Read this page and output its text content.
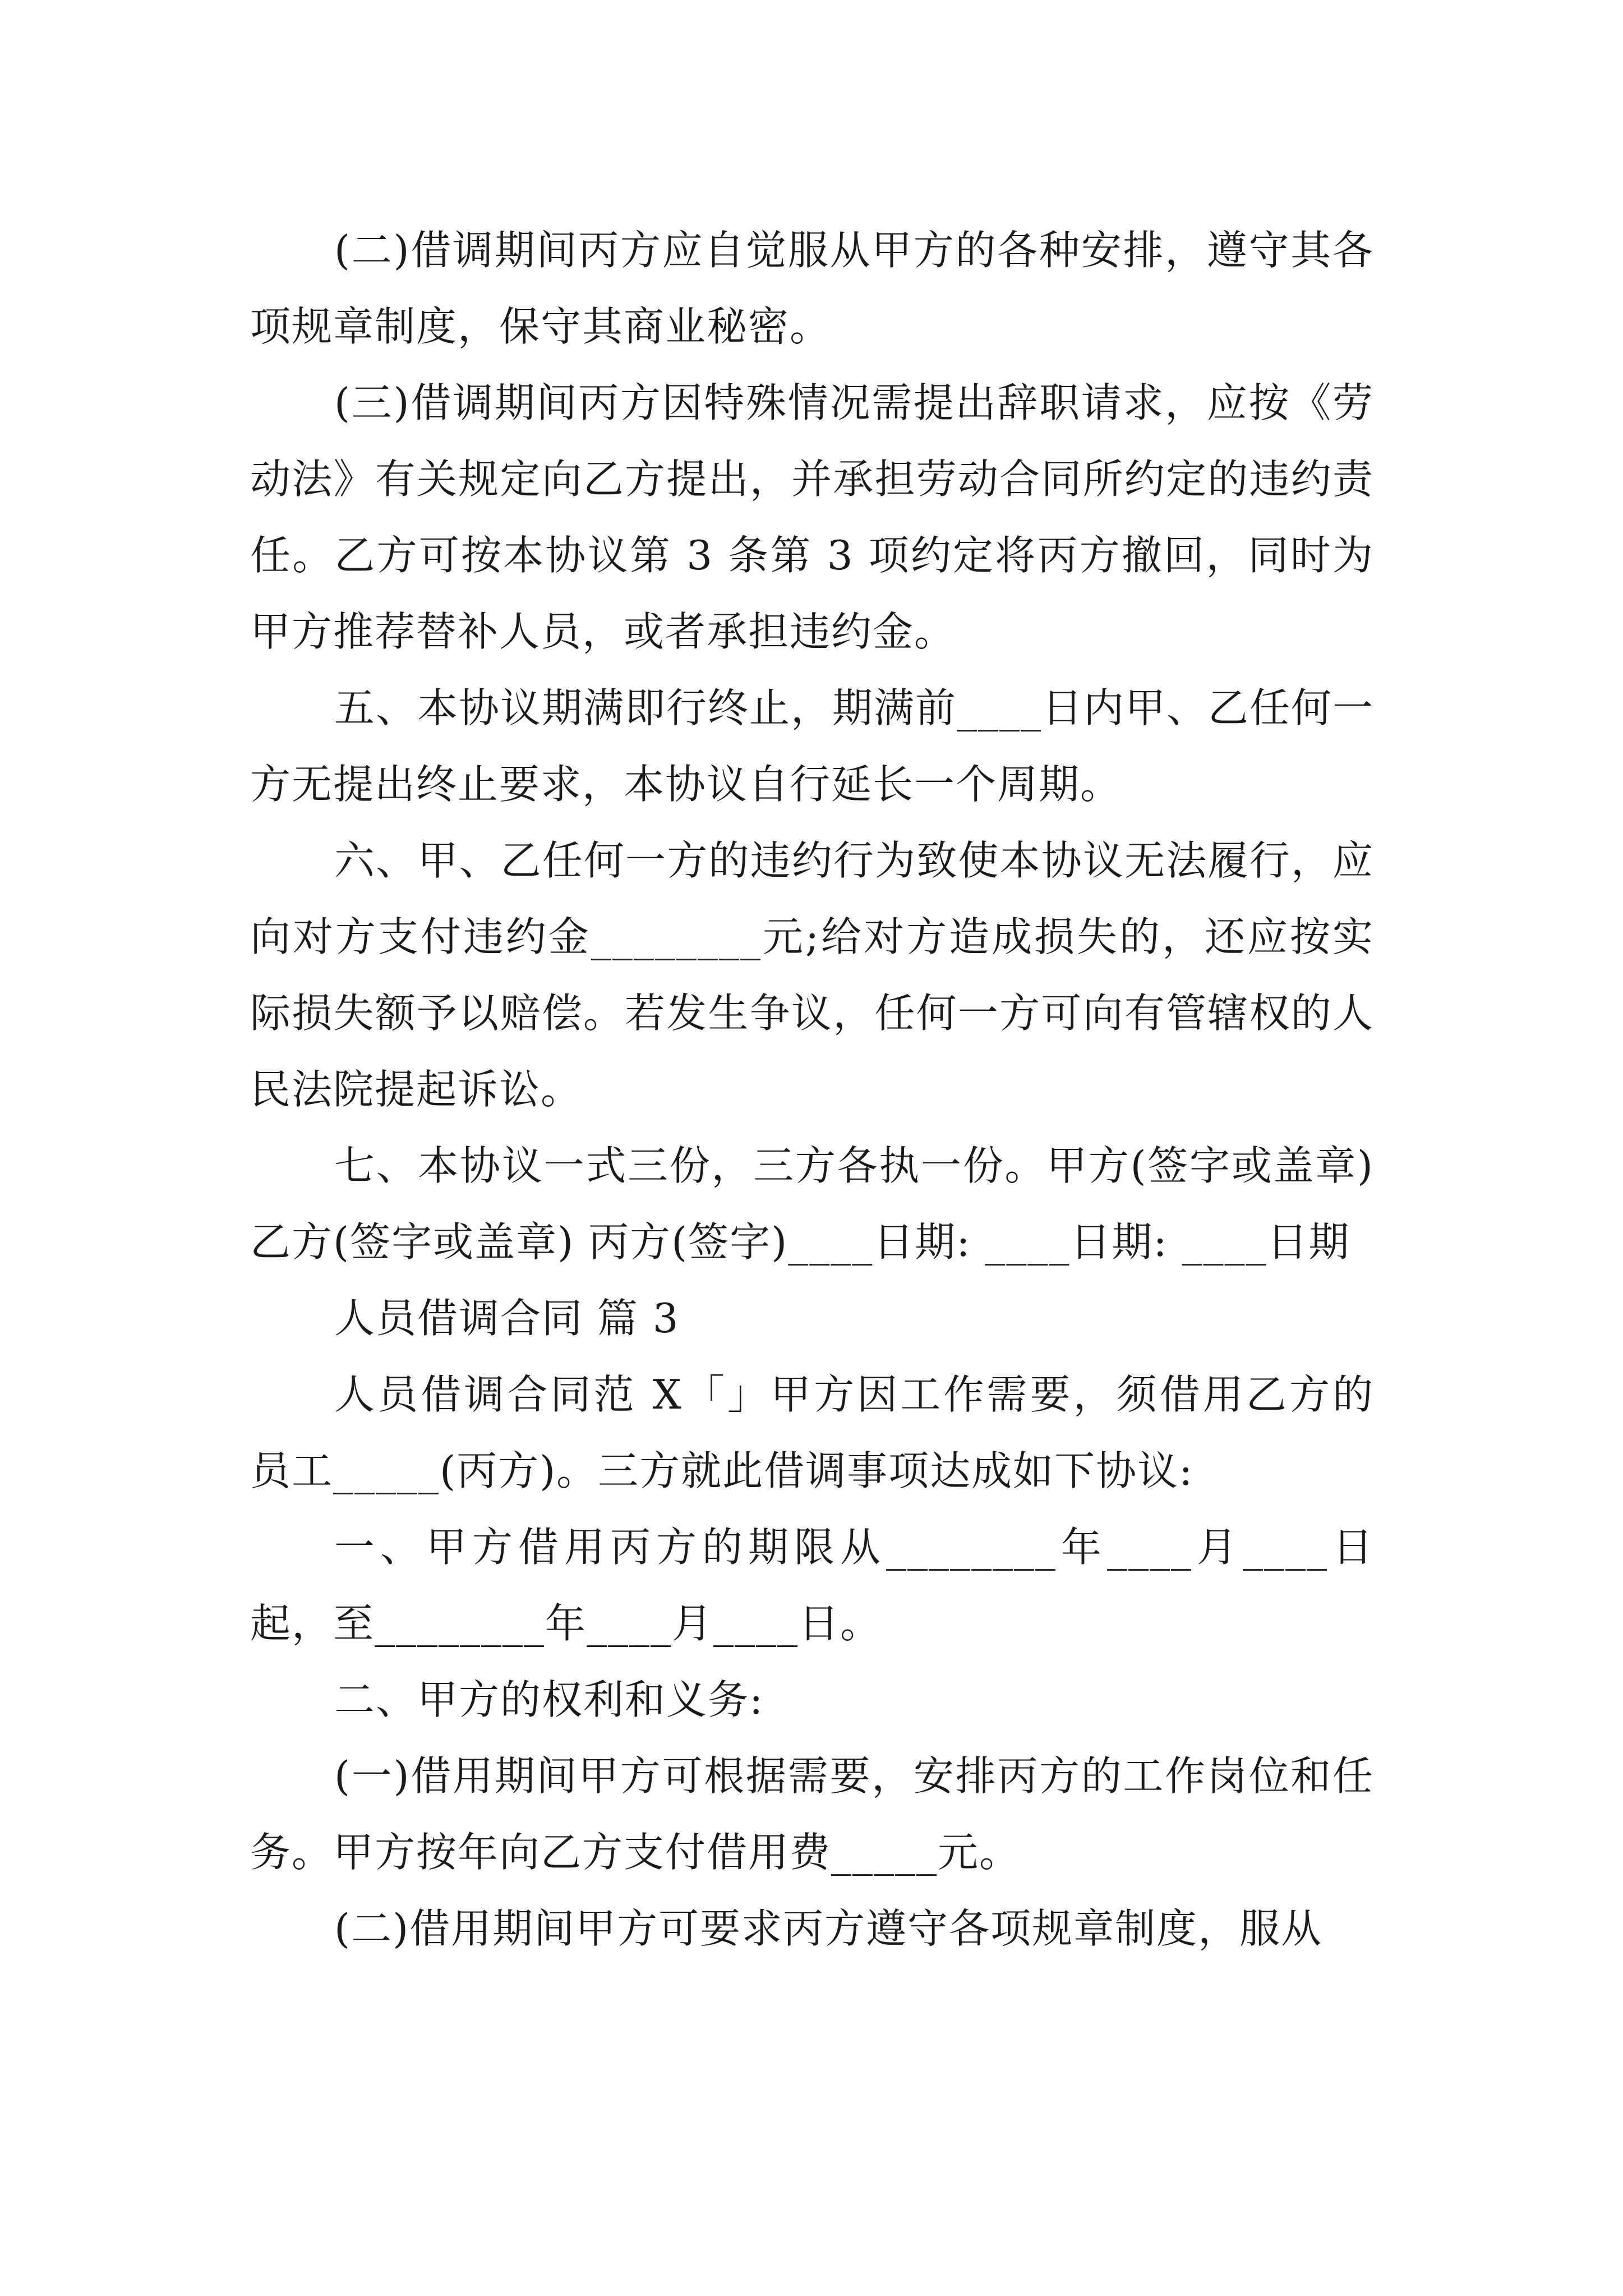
(二)借调期间丙方应自觉服从甲方的各种安排，遵守其各项规章制度，保守其商业秘密。

(三)借调期间丙方因特殊情况需提出辞职请求，应按《劳动法》有关规定向乙方提出，并承担劳动合同所约定的违约责任。乙方可按本协议第 3 条第 3 项约定将丙方撤回，同时为甲方推荐替补人员，或者承担违约金。

五、本协议期满即行终止，期满前____日内甲、乙任何一方无提出终止要求，本协议自行延长一个周期。

六、甲、乙任何一方的违约行为致使本协议无法履行，应向对方支付违约金________元;给对方造成损失的，还应按实际损失额予以赔偿。若发生争议，任何一方可向有管辖权的人民法院提起诉讼。

七、本协议一式三份，三方各执一份。甲方(签字或盖章) 乙方(签字或盖章) 丙方(签字)____日期: ____日期: ____日期

人员借调合同 篇 3

人员借调合同范 X「」甲方因工作需要，须借用乙方的员工_____(丙方)。三方就此借调事项达成如下协议:

一、甲方借用丙方的期限从________年____月____日起，至________年____月____日。

二、甲方的权利和义务:

(一)借用期间甲方可根据需要，安排丙方的工作岗位和任务。甲方按年向乙方支付借用费_____元。

(二)借用期间甲方可要求丙方遵守各项规章制度，服从
